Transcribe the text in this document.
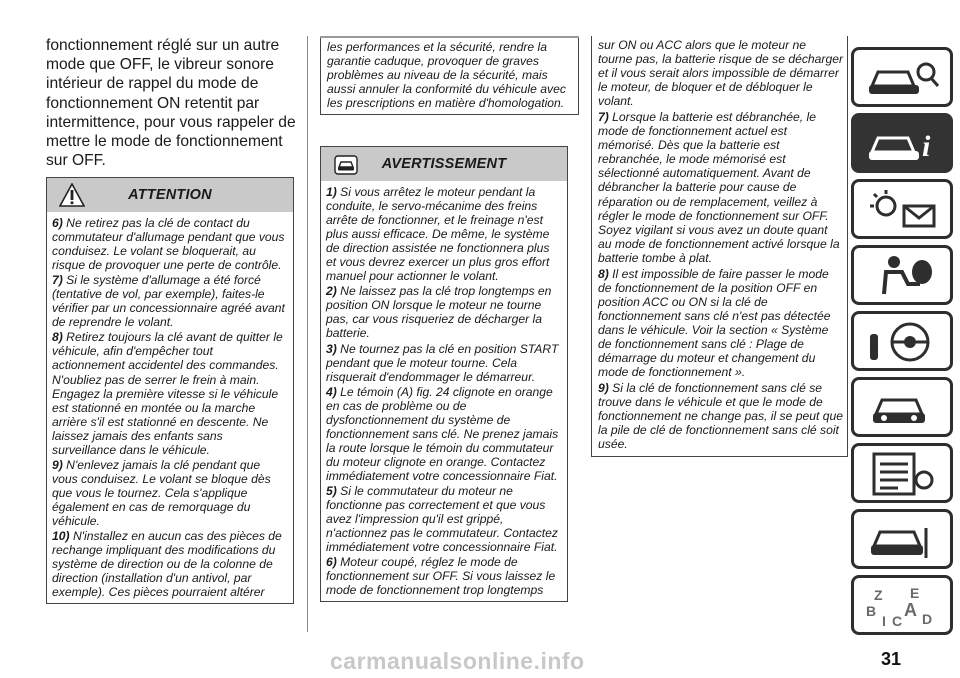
fonctionnement réglé sur un autre mode que OFF, le vibreur sonore intérieur de rappel du mode de fonctionnement ON retentit par intermittence, pour vous rappeler de mettre le mode de fonctionnement sur OFF.

ATTENTION

6) Ne retirez pas la clé de contact du commutateur d'allumage pendant que vous conduisez. Le volant se bloquerait, au risque de provoquer une perte de contrôle.

7) Si le système d'allumage a été forcé (tentative de vol, par exemple), faites-le vérifier par un concessionnaire agréé avant de reprendre le volant.

8) Retirez toujours la clé avant de quitter le véhicule, afin d'empêcher tout actionnement accidentel des commandes. N'oubliez pas de serrer le frein à main. Engagez la première vitesse si le véhicule est stationné en montée ou la marche arrière s'il est stationné en descente. Ne laissez jamais des enfants sans surveillance dans le véhicule.

9) N'enlevez jamais la clé pendant que vous conduisez. Le volant se bloque dès que vous le tournez. Cela s'applique également en cas de remorquage du véhicule.

10) N'installez en aucun cas des pièces de rechange impliquant des modifications du système de direction ou de la colonne de direction (installation d'un antivol, par exemple). Ces pièces pourraient altérer

les performances et la sécurité, rendre la garantie caduque, provoquer de graves problèmes au niveau de la sécurité, mais aussi annuler la conformité du véhicule avec les prescriptions en matière d'homologation.

AVERTISSEMENT

1) Si vous arrêtez le moteur pendant la conduite, le servo-mécanime des freins arrête de fonctionner, et le freinage n'est plus aussi efficace. De même, le système de direction assistée ne fonctionnera plus et vous devrez exercer un plus gros effort manuel pour actionner le volant.

2) Ne laissez pas la clé trop longtemps en position ON lorsque le moteur ne tourne pas, car vous risqueriez de décharger la batterie.

3) Ne tournez pas la clé en position START pendant que le moteur tourne. Cela risquerait d'endommager le démarreur.

4) Le témoin (A) fig. 24 clignote en orange en cas de problème ou de dysfonctionnement du système de fonctionnement sans clé. Ne prenez jamais la route lorsque le témoin du commutateur du moteur clignote en orange. Contactez immédiatement votre concessionnaire Fiat.

5) Si le commutateur du moteur ne fonctionne pas correctement et que vous avez l'impression qu'il est grippé, n'actionnez pas le commutateur. Contactez immédiatement votre concessionnaire Fiat.

6) Moteur coupé, réglez le mode de fonctionnement sur OFF. Si vous laissez le mode de fonctionnement trop longtemps

sur ON ou ACC alors que le moteur ne tourne pas, la batterie risque de se décharger et il vous serait alors impossible de démarrer le moteur, de bloquer et de débloquer le volant.

7) Lorsque la batterie est débranchée, le mode de fonctionnement actuel est mémorisé. Dès que la batterie est rebranchée, le mode mémorisé est sélectionné automatiquement. Avant de débrancher la batterie pour cause de réparation ou de remplacement, veillez à régler le mode de fonctionnement sur OFF. Soyez vigilant si vous avez un doute quant au mode de fonctionnement activé lorsque la batterie tombe à plat.

8) Il est impossible de faire passer le mode de fonctionnement de la position OFF en position ACC ou ON si la clé de fonctionnement sans clé n'est pas détectée dans le véhicule. Voir la section « Système de fonctionnement sans clé : Plage de démarrage du moteur et changement du mode de fonctionnement ».

9) Si la clé de fonctionnement sans clé se trouve dans le véhicule et que le mode de fonctionnement ne change pas, il se peut que la pile de clé de fonctionnement sans clé soit usée.

i
Z E
B A
I C D
carmanualsonline.info	31
